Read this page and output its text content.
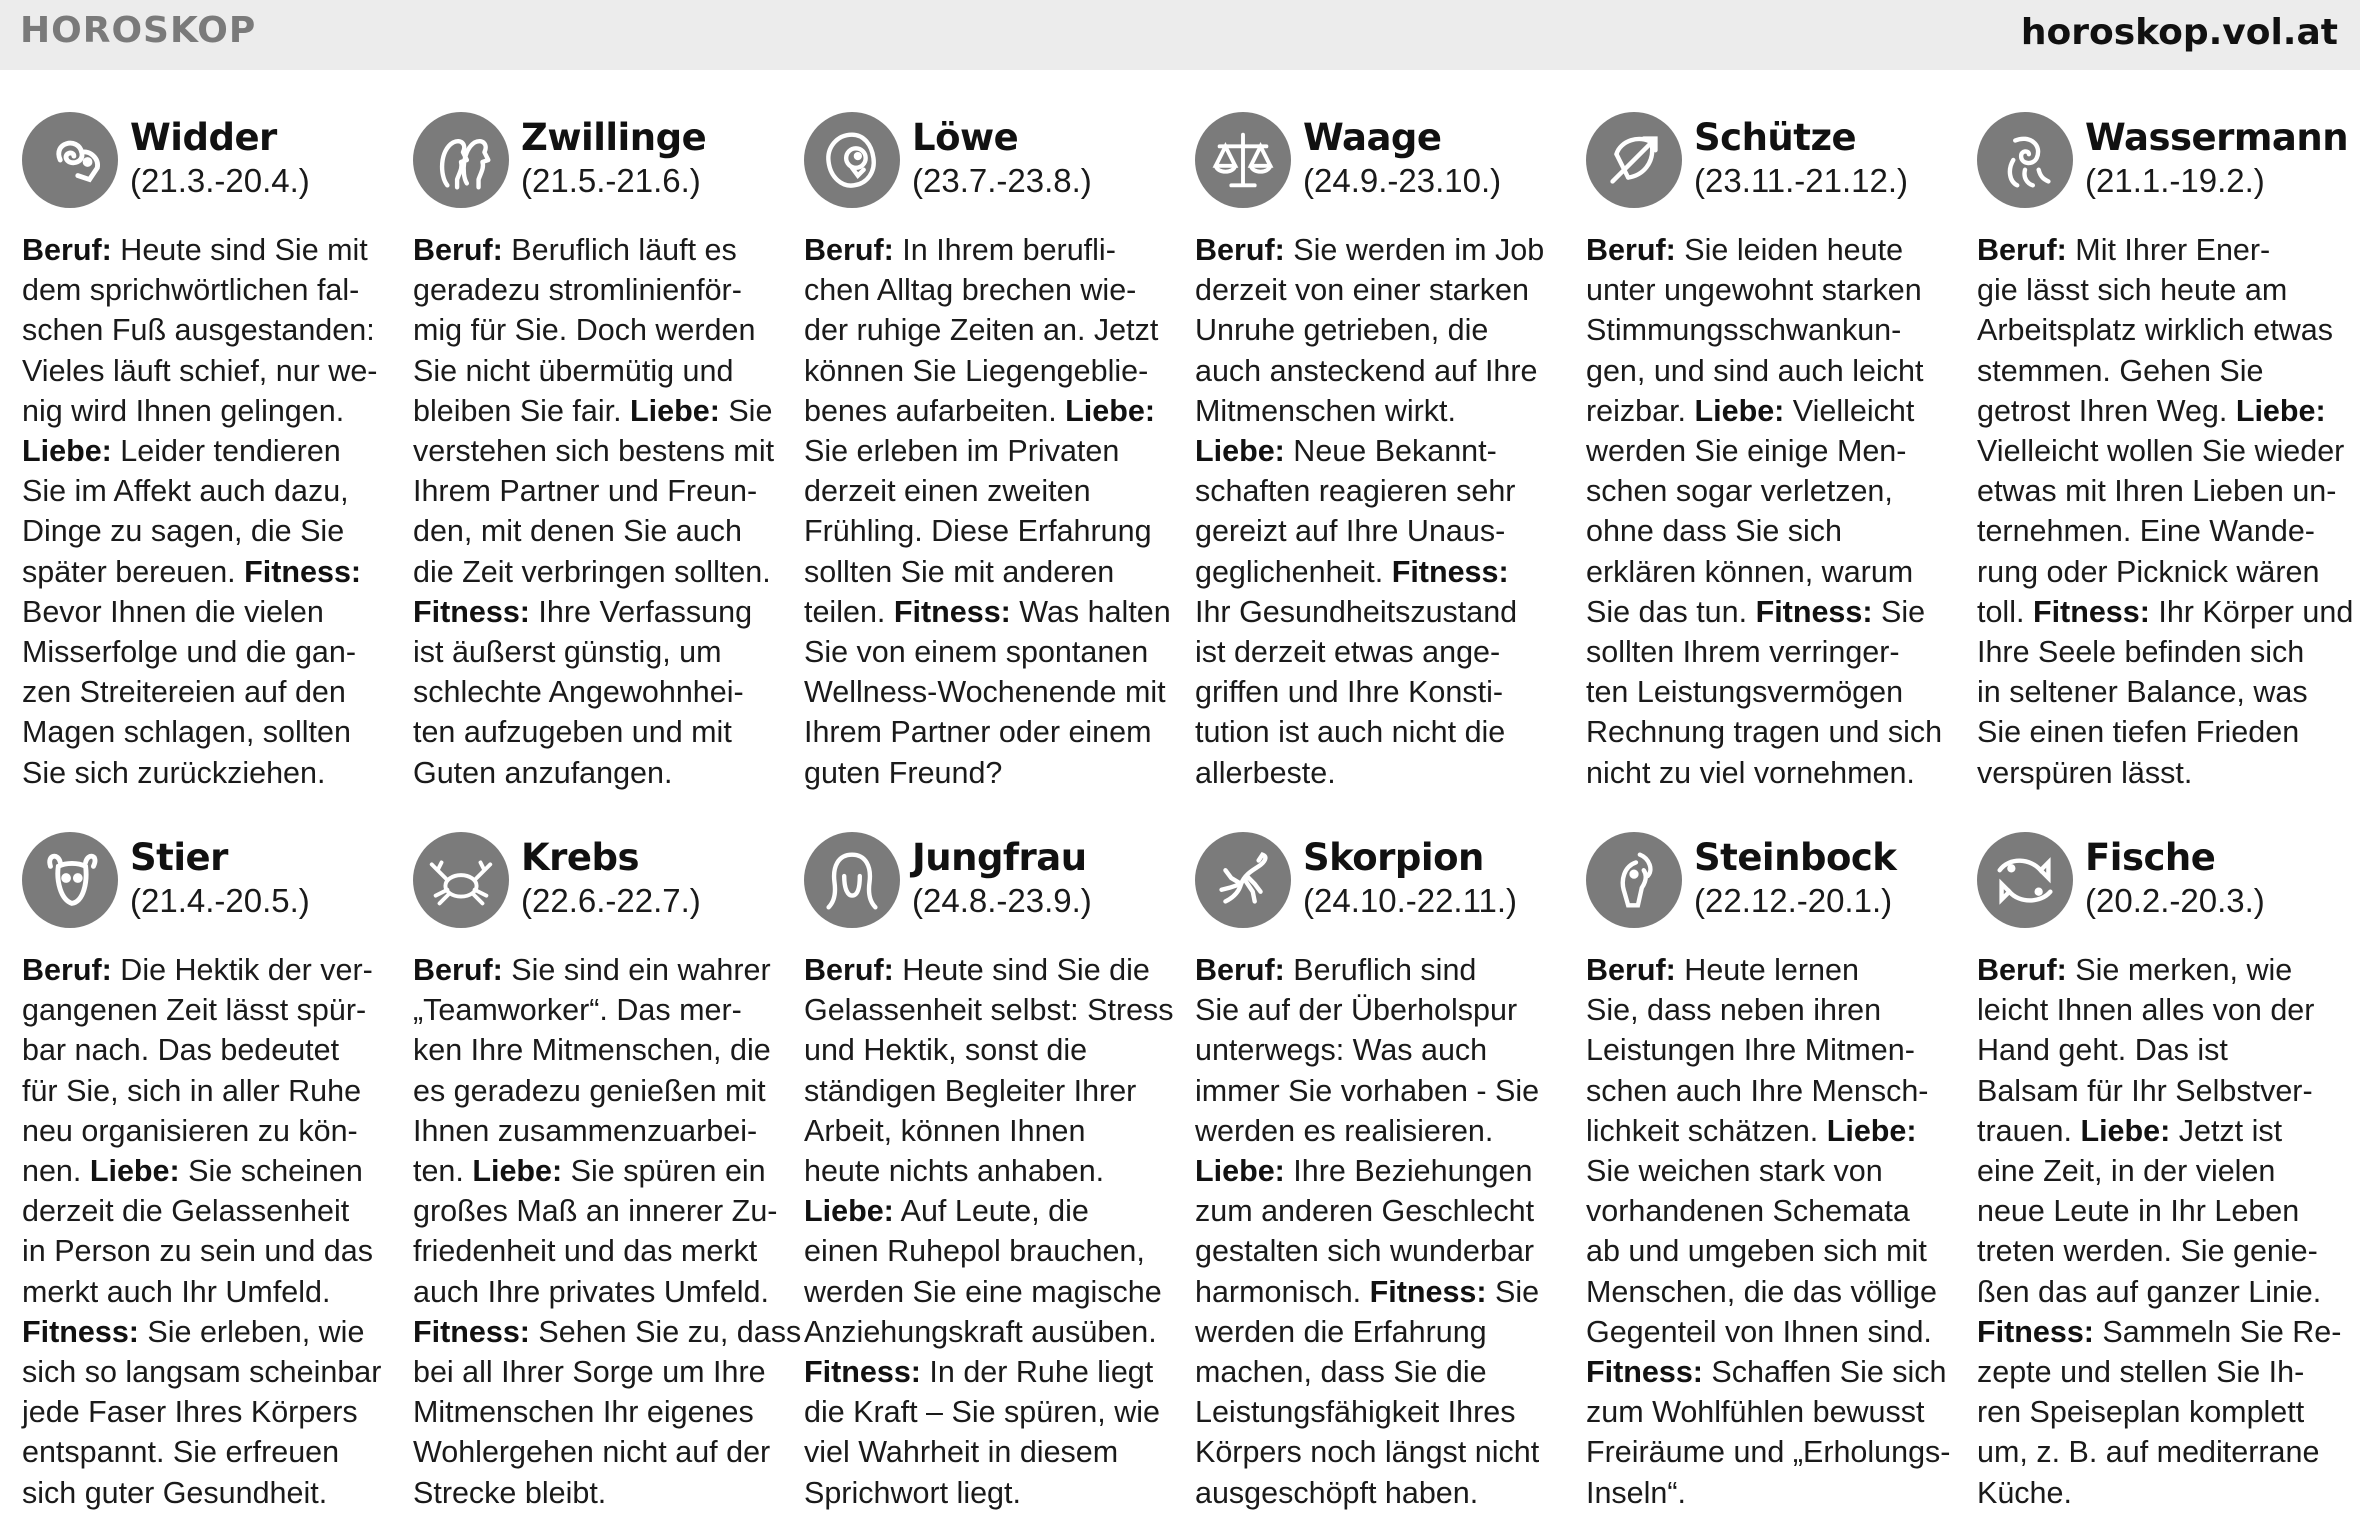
HOROSKOP	horoskop.vol.at
Widder
(21.3.-20.4.)
Beruf: Heute sind Sie mit
dem sprichwörtlichen fal-
schen Fuß ausgestanden:
Vieles läuft schief, nur we-
nig wird Ihnen gelingen.
Liebe: Leider tendieren
Sie im Affekt auch dazu,
Dinge zu sagen, die Sie
später bereuen. Fitness:
Bevor Ihnen die vielen
Misserfolge und die gan-
zen Streitereien auf den
Magen schlagen, sollten
Sie sich zurückziehen.
Zwillinge
(21.5.-21.6.)
Beruf: Beruflich läuft es
geradezu stromlinienför-
mig für Sie. Doch werden
Sie nicht übermütig und
bleiben Sie fair. Liebe: Sie
verstehen sich bestens mit
Ihrem Partner und Freun-
den, mit denen Sie auch
die Zeit verbringen sollten.
Fitness: Ihre Verfassung
ist äußerst günstig, um
schlechte Angewohnhei-
ten aufzugeben und mit
Guten anzufangen.
Löwe
(23.7.-23.8.)
Beruf: In Ihrem berufli-
chen Alltag brechen wie-
der ruhige Zeiten an. Jetzt
können Sie Liegengeblie-
benes aufarbeiten. Liebe:
Sie erleben im Privaten
derzeit einen zweiten
Frühling. Diese Erfahrung
sollten Sie mit anderen
teilen. Fitness: Was halten
Sie von einem spontanen
Wellness-Wochenende mit
Ihrem Partner oder einem
guten Freund?
Waage
(24.9.-23.10.)
Beruf: Sie werden im Job
derzeit von einer starken
Unruhe getrieben, die
auch ansteckend auf Ihre
Mitmenschen wirkt.
Liebe: Neue Bekannt-
schaften reagieren sehr
gereizt auf Ihre Unaus-
geglichenheit. Fitness:
Ihr Gesundheitszustand
ist derzeit etwas ange-
griffen und Ihre Konsti-
tution ist auch nicht die
allerbeste.
Schütze
(23.11.-21.12.)
Beruf: Sie leiden heute
unter ungewohnt starken
Stimmungsschwankun-
gen, und sind auch leicht
reizbar. Liebe: Vielleicht
werden Sie einige Men-
schen sogar verletzen,
ohne dass Sie sich
erklären können, warum
Sie das tun. Fitness: Sie
sollten Ihrem verringer-
ten Leistungsvermögen
Rechnung tragen und sich
nicht zu viel vornehmen.
Wassermann
(21.1.-19.2.)
Beruf: Mit Ihrer Ener-
gie lässt sich heute am
Arbeitsplatz wirklich etwas
stemmen. Gehen Sie
getrost Ihren Weg. Liebe:
Vielleicht wollen Sie wieder
etwas mit Ihren Lieben un-
ternehmen. Eine Wande-
rung oder Picknick wären
toll. Fitness: Ihr Körper und
Ihre Seele befinden sich
in seltener Balance, was
Sie einen tiefen Frieden
verspüren lässt.
Stier
(21.4.-20.5.)
Beruf: Die Hektik der ver-
gangenen Zeit lässt spür-
bar nach. Das bedeutet
für Sie, sich in aller Ruhe
neu organisieren zu kön-
nen. Liebe: Sie scheinen
derzeit die Gelassenheit
in Person zu sein und das
merkt auch Ihr Umfeld.
Fitness: Sie erleben, wie
sich so langsam scheinbar
jede Faser Ihres Körpers
entspannt. Sie erfreuen
sich guter Gesundheit.
Krebs
(22.6.-22.7.)
Beruf: Sie sind ein wahrer
„Teamworker“. Das mer-
ken Ihre Mitmenschen, die
es geradezu genießen mit
Ihnen zusammenzuarbei-
ten. Liebe: Sie spüren ein
großes Maß an innerer Zu-
friedenheit und das merkt
auch Ihre privates Umfeld.
Fitness: Sehen Sie zu, dass
bei all Ihrer Sorge um Ihre
Mitmenschen Ihr eigenes
Wohlergehen nicht auf der
Strecke bleibt.
Jungfrau
(24.8.-23.9.)
Beruf: Heute sind Sie die
Gelassenheit selbst: Stress
und Hektik, sonst die
ständigen Begleiter Ihrer
Arbeit, können Ihnen
heute nichts anhaben.
Liebe: Auf Leute, die
einen Ruhepol brauchen,
werden Sie eine magische
Anziehungskraft ausüben.
Fitness: In der Ruhe liegt
die Kraft – Sie spüren, wie
viel Wahrheit in diesem
Sprichwort liegt.
Skorpion
(24.10.-22.11.)
Beruf: Beruflich sind
Sie auf der Überholspur
unterwegs: Was auch
immer Sie vorhaben - Sie
werden es realisieren.
Liebe: Ihre Beziehungen
zum anderen Geschlecht
gestalten sich wunderbar
harmonisch. Fitness: Sie
werden die Erfahrung
machen, dass Sie die
Leistungsfähigkeit Ihres
Körpers noch längst nicht
ausgeschöpft haben.
Steinbock
(22.12.-20.1.)
Beruf: Heute lernen
Sie, dass neben ihren
Leistungen Ihre Mitmen-
schen auch Ihre Mensch-
lichkeit schätzen. Liebe:
Sie weichen stark von
vorhandenen Schemata
ab und umgeben sich mit
Menschen, die das völlige
Gegenteil von Ihnen sind.
Fitness: Schaffen Sie sich
zum Wohlfühlen bewusst
Freiräume und „Erholungs-
Inseln“.
Fische
(20.2.-20.3.)
Beruf: Sie merken, wie
leicht Ihnen alles von der
Hand geht. Das ist
Balsam für Ihr Selbstver-
trauen. Liebe: Jetzt ist
eine Zeit, in der vielen
neue Leute in Ihr Leben
treten werden. Sie genie-
ßen das auf ganzer Linie.
Fitness: Sammeln Sie Re-
zepte und stellen Sie Ih-
ren Speiseplan komplett
um, z. B. auf mediterrane
Küche.
